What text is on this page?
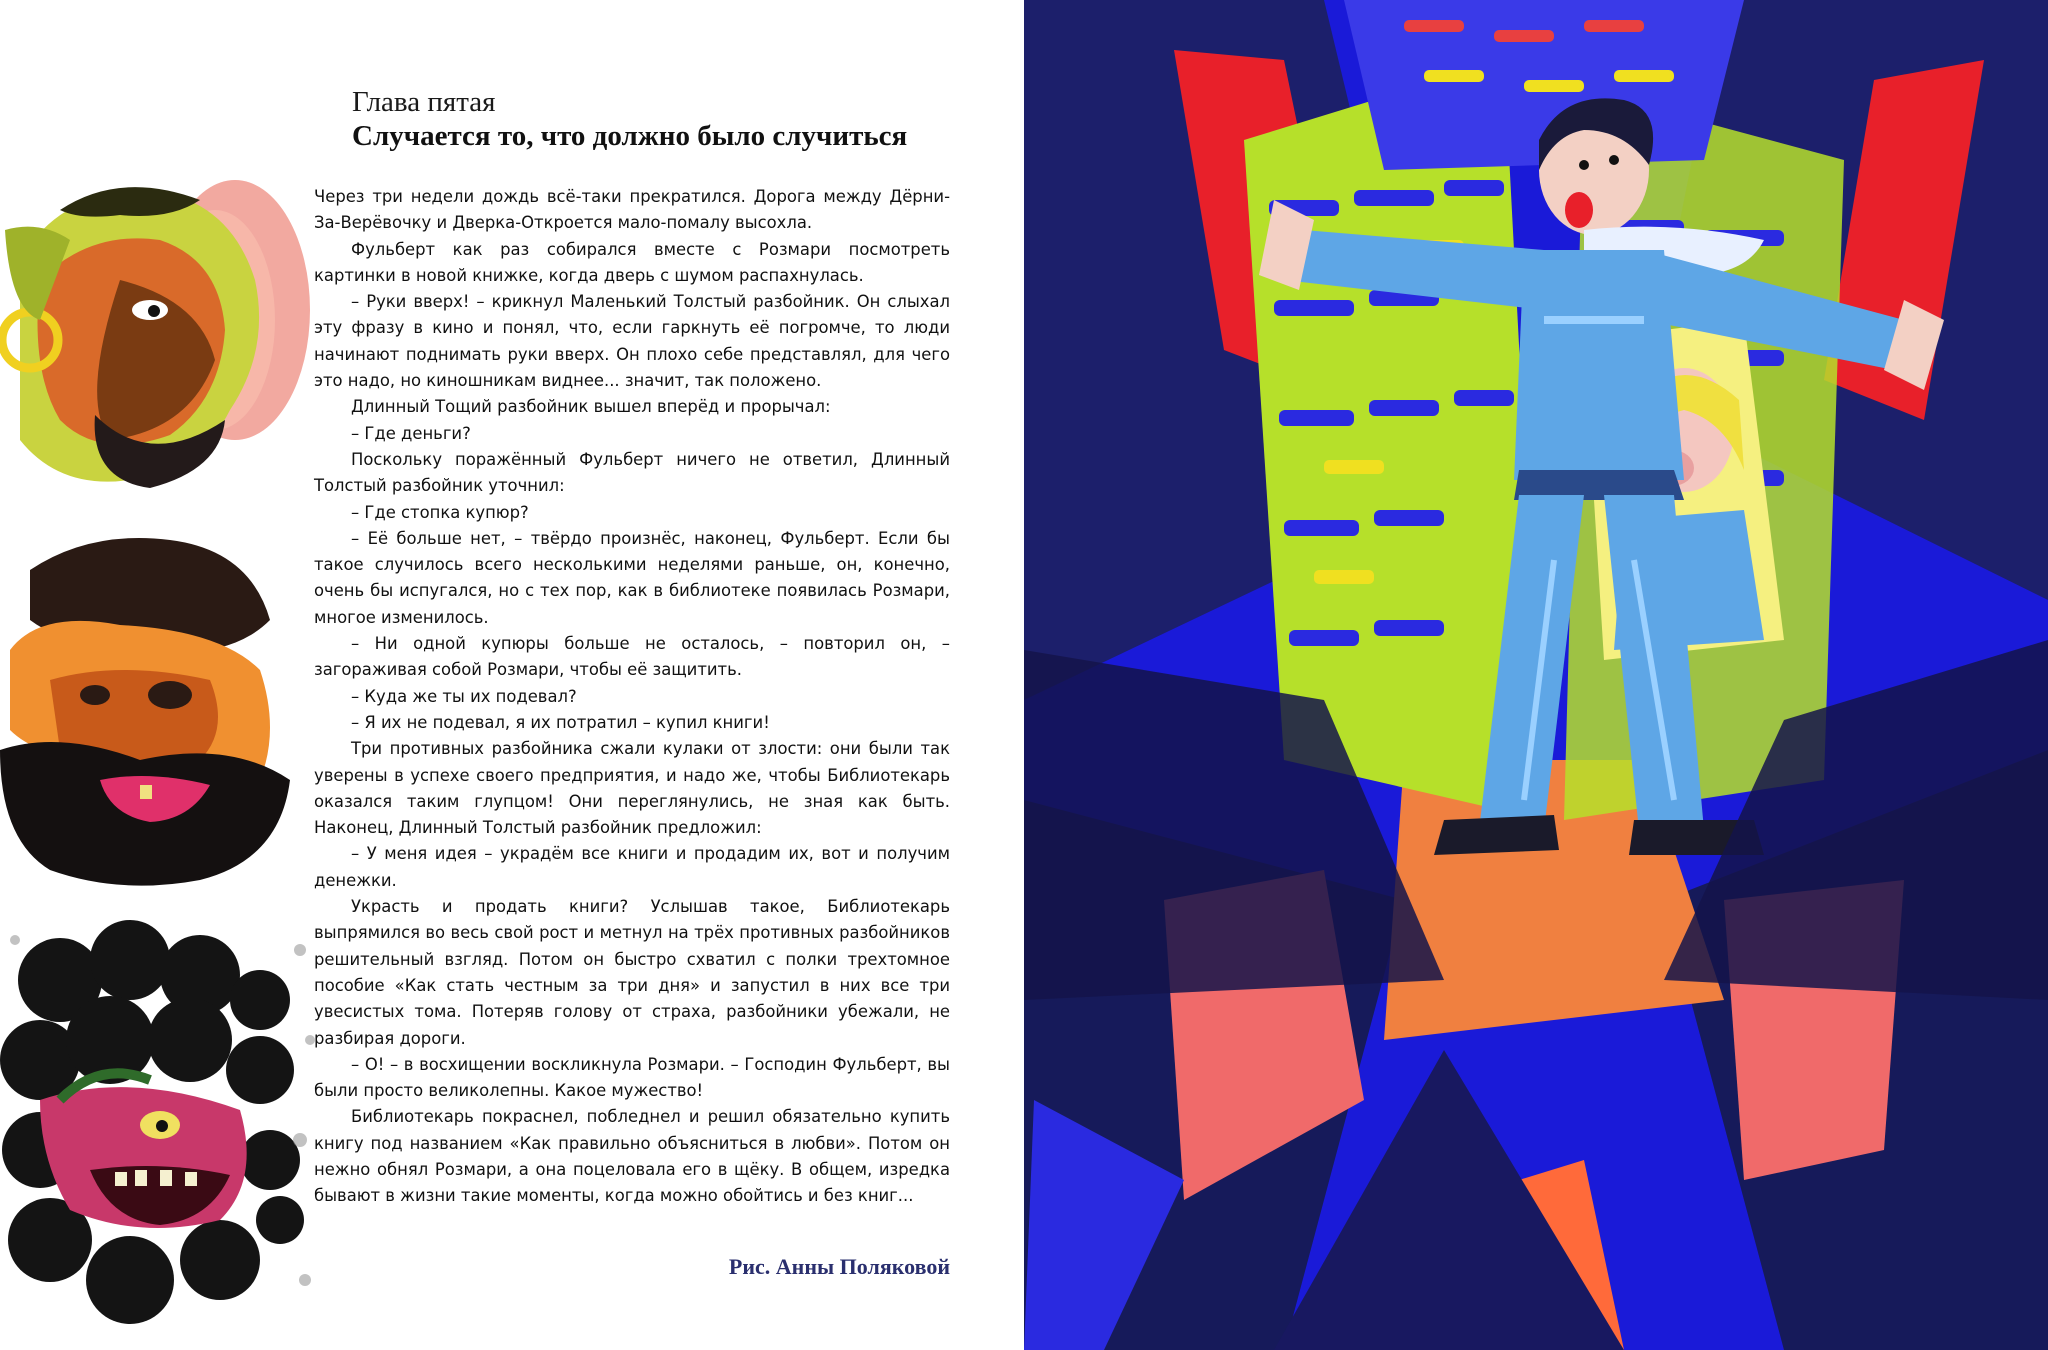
Глава пятая
Случается то, что должно было случиться

Через три недели дождь всё-таки прекратился. Дорога между Дёрни-За-Верёвочку и Дверка-Откроется мало-помалу высохла.

Фульберт как раз собирался вместе с Розмари посмотреть картинки в новой книжке, когда дверь с шумом распахнулась.

– Руки вверх! – крикнул Маленький Толстый разбойник. Он слыхал эту фразу в кино и понял, что, если гаркнуть её погромче, то люди начинают поднимать руки вверх. Он плохо себе представлял, для чего это надо, но киношникам виднее... значит, так положено.

Длинный Тощий разбойник вышел вперёд и прорычал:

– Где деньги?

Поскольку поражённый Фульберт ничего не ответил, Длинный Толстый разбойник уточнил:

– Где стопка купюр?

– Её больше нет, – твёрдо произнёс, наконец, Фульберт. Если бы такое случилось всего несколькими неделями раньше, он, конечно, очень бы испугался, но с тех пор, как в библиотеке появилась Розмари, многое изменилось.

– Ни одной купюры больше не осталось, – повторил он, – загораживая собой Розмари, чтобы её защитить.

– Куда же ты их подевал?

– Я их не подевал, я их потратил – купил книги!

Три противных разбойника сжали кулаки от злости: они были так уверены в успехе своего предприятия, и надо же, чтобы Библиотекарь оказался таким глупцом! Они переглянулись, не зная как быть. Наконец, Длинный Толстый разбойник предложил:

– У меня идея – украдём все книги и продадим их, вот и получим денежки.

Украсть и продать книги? Услышав такое, Библиотекарь выпрямился во весь свой рост и метнул на трёх противных разбойников решительный взгляд. Потом он быстро схватил с полки трехтомное пособие «Как стать честным за три дня» и запустил в них все три увесистых тома. Потеряв голову от страха, разбойники убежали, не разбирая дороги.

– О! – в восхищении воскликнула Розмари. – Господин Фульберт, вы были просто великолепны. Какое мужество!

Библиотекарь покраснел, побледнел и решил обязательно купить книгу под названием «Как правильно объясниться в любви». Потом он нежно обнял Розмари, а она поцеловала его в щёку. В общем, изредка бывают в жизни такие моменты, когда можно обойтись и без книг...

Рис. Анны Поляковой
